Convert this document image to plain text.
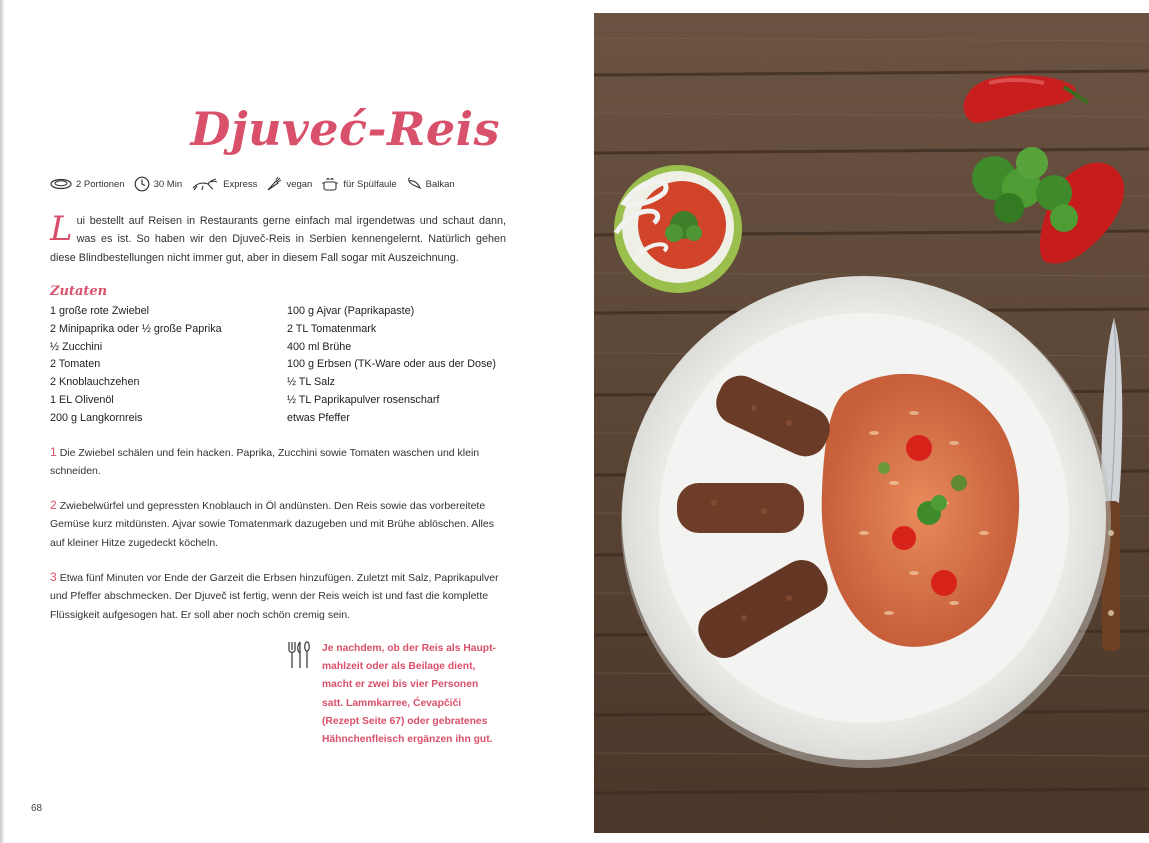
Djuveć-Reis
2 Portionen	30 Min	Express	vegan	für Spülfaule	Balkan
Lui bestellt auf Reisen in Restaurants gerne einfach mal irgendetwas und schaut dann, was es ist. So haben wir den Djuveč-Reis in Serbien kennengelernt. Natürlich gehen diese Blindbestellungen nicht immer gut, aber in diesem Fall sogar mit Auszeichnung.
Zutaten
1 große rote Zwiebel
2 Minipaprika oder ½ große Paprika
½ Zucchini
2 Tomaten
2 Knoblauchzehen
1 EL Olivenöl
200 g Langkornreis
100 g Ajvar (Paprikapaste)
2 TL Tomatenmark
400 ml Brühe
100 g Erbsen (TK-Ware oder aus der Dose)
½ TL Salz
½ TL Paprikapulver rosenscharf
etwas Pfeffer
1 Die Zwiebel schälen und fein hacken. Paprika, Zucchini sowie Tomaten waschen und klein schneiden.
2 Zwiebelwürfel und gepressten Knoblauch in Öl andünsten. Den Reis sowie das vorbereitete Gemüse kurz mitdünsten. Ajvar sowie Tomatenmark dazugeben und mit Brühe ablöschen. Alles auf kleiner Hitze zugedeckt köcheln.
3 Etwa fünf Minuten vor Ende der Garzeit die Erbsen hinzufügen. Zuletzt mit Salz, Paprikapulver und Pfeffer abschmecken. Der Djuveč ist fertig, wenn der Reis weich ist und fast die komplette Flüssigkeit aufgesogen hat. Er soll aber noch schön cremig sein.
Je nachdem, ob der Reis als Haupt-
mahlzeit oder als Beilage dient,
macht er zwei bis vier Personen
satt. Lammkarree, Ćevapčiči
(Rezept Seite 67) oder gebratenes
Hähnchenfleisch ergänzen ihn gut.
68
